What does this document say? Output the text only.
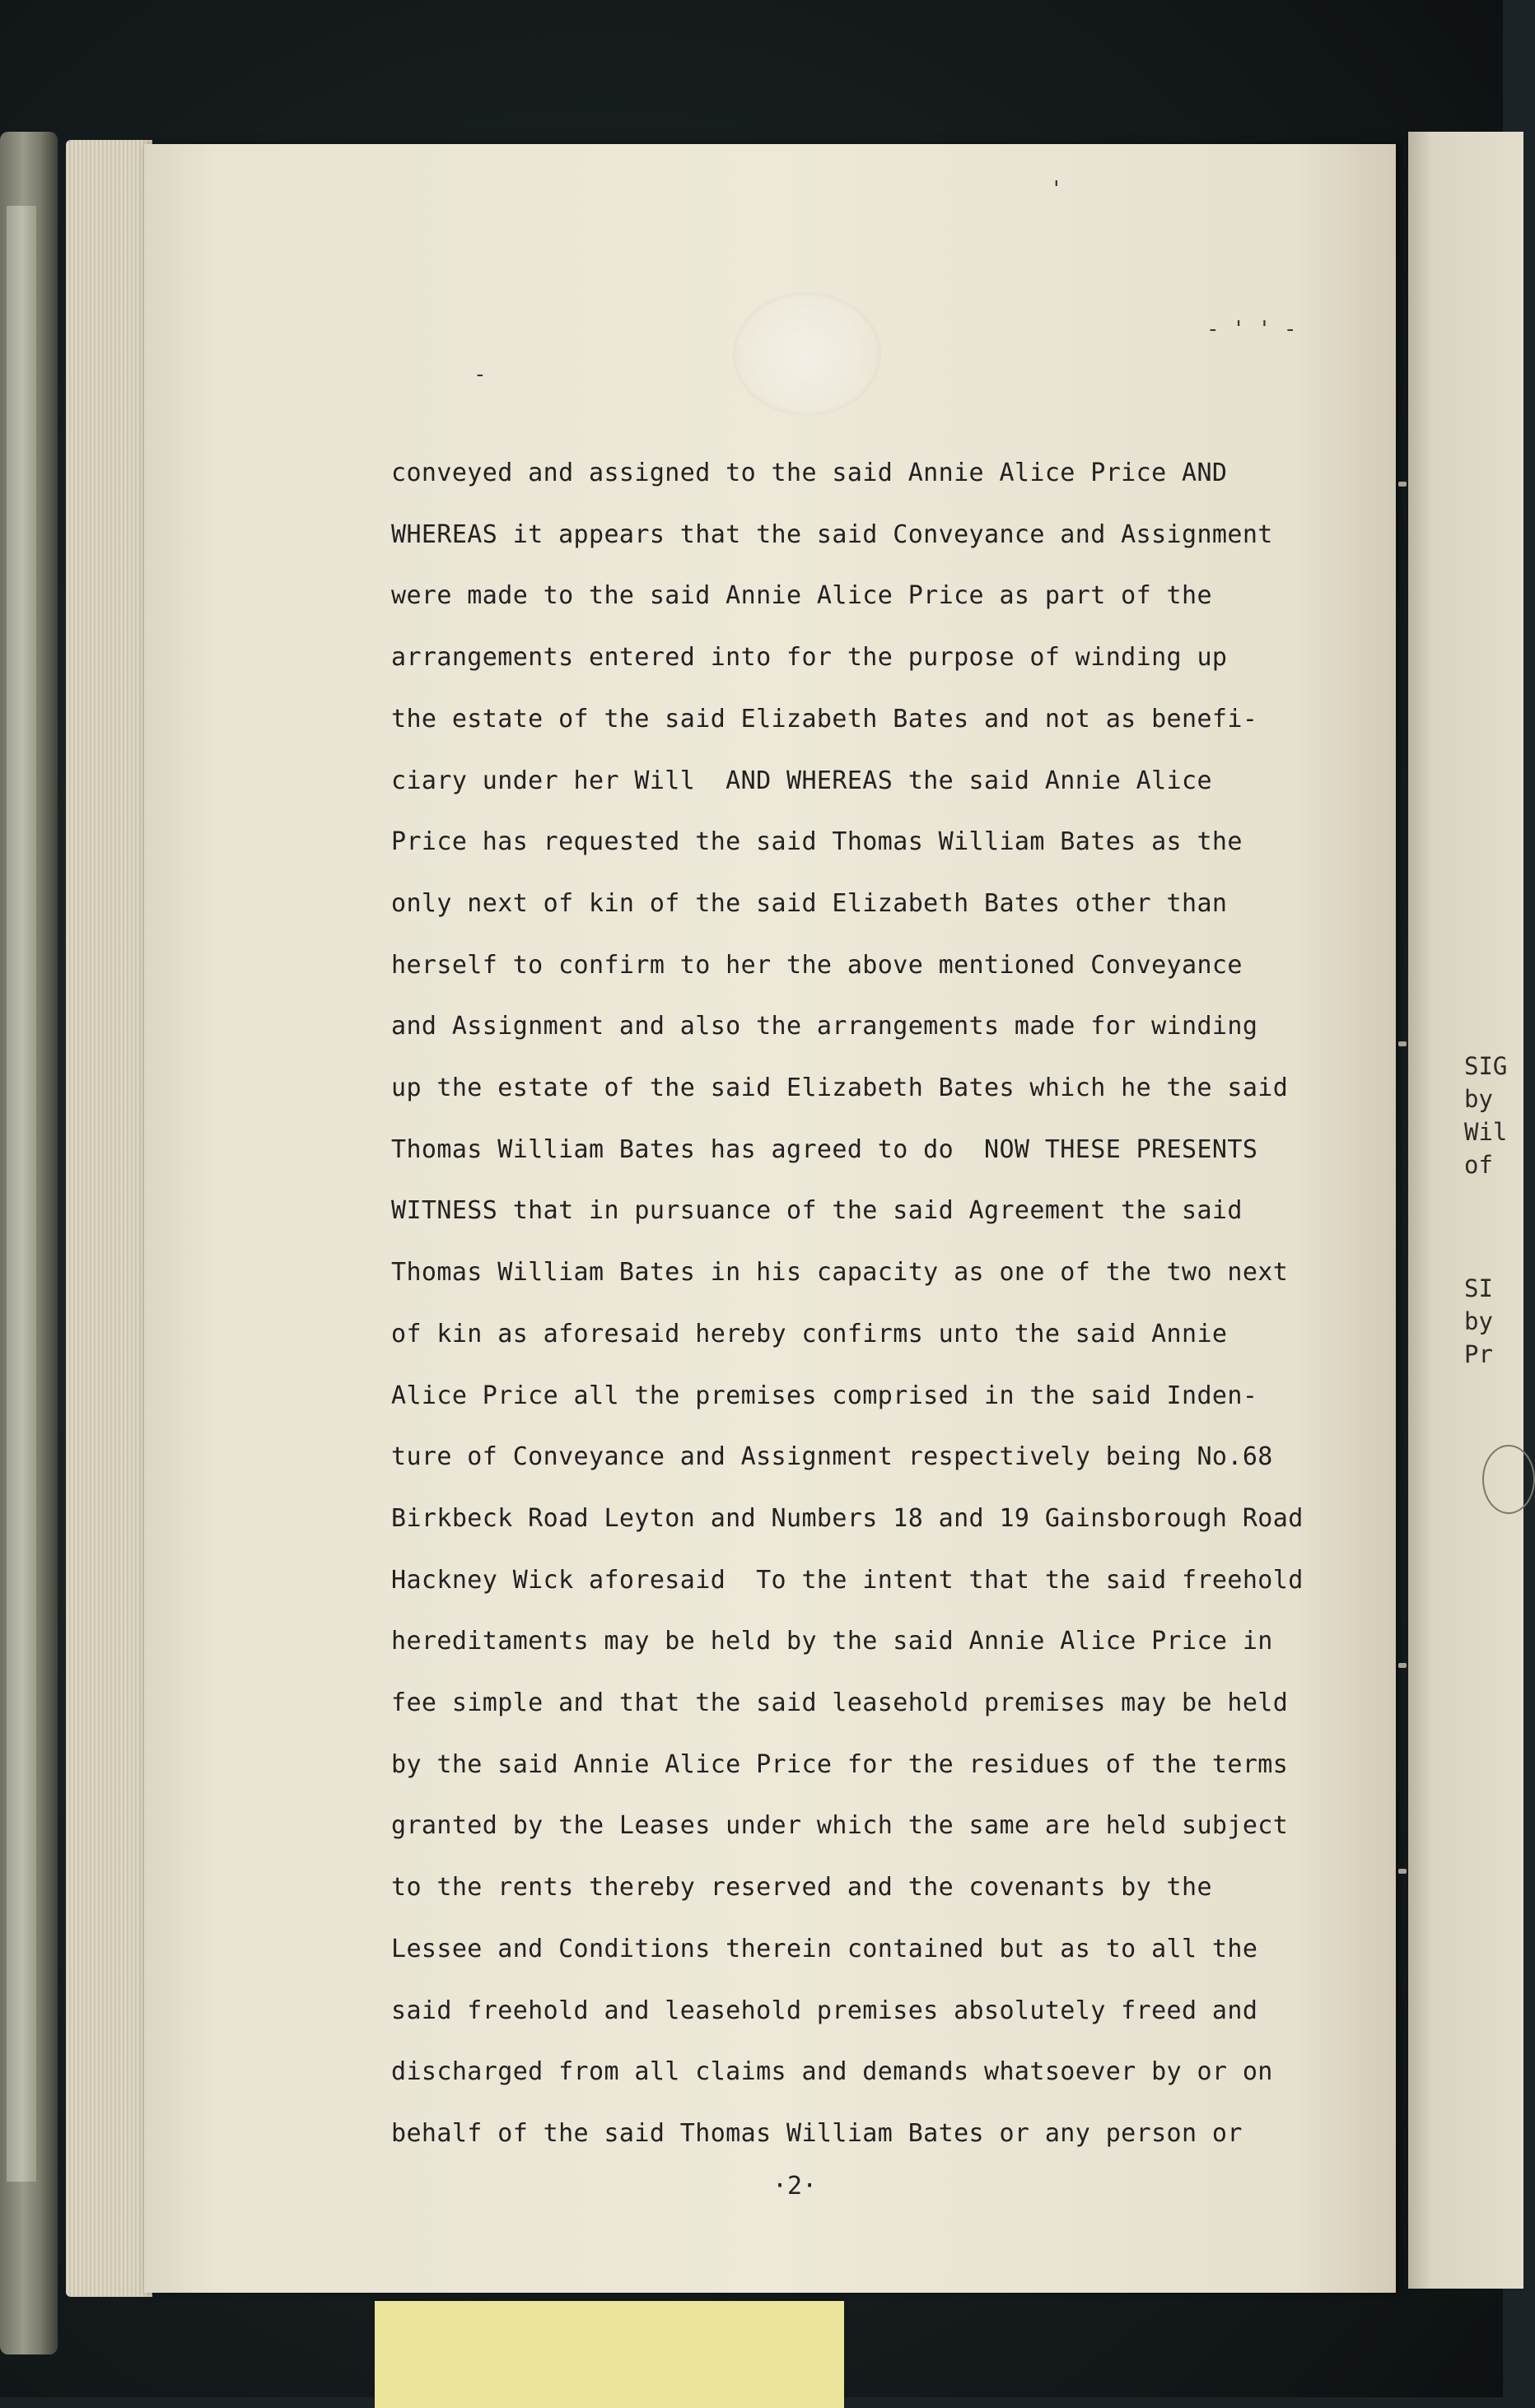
SIG
by
Wil
of
SI
by
Pr
-
'
- ' ' -
conveyed and assigned to the said Annie Alice Price AND
WHEREAS it appears that the said Conveyance and Assignment
were made to the said Annie Alice Price as part of the
arrangements entered into for the purpose of winding up
the estate of the said Elizabeth Bates and not as benefi-
ciary under her Will  AND WHEREAS the said Annie Alice
Price has requested the said Thomas William Bates as the
only next of kin of the said Elizabeth Bates other than
herself to confirm to her the above mentioned Conveyance
and Assignment and also the arrangements made for winding
up the estate of the said Elizabeth Bates which he the said
Thomas William Bates has agreed to do  NOW THESE PRESENTS
WITNESS that in pursuance of the said Agreement the said
Thomas William Bates in his capacity as one of the two next
of kin as aforesaid hereby confirms unto the said Annie
Alice Price all the premises comprised in the said Inden-
ture of Conveyance and Assignment respectively being No.68
Birkbeck Road Leyton and Numbers 18 and 19 Gainsborough Road
Hackney Wick aforesaid  To the intent that the said freehold
hereditaments may be held by the said Annie Alice Price in
fee simple and that the said leasehold premises may be held
by the said Annie Alice Price for the residues of the terms
granted by the Leases under which the same are held subject
to the rents thereby reserved and the covenants by the
Lessee and Conditions therein contained but as to all the
said freehold and leasehold premises absolutely freed and
discharged from all claims and demands whatsoever by or on
behalf of the said Thomas William Bates or any person or
·2·
